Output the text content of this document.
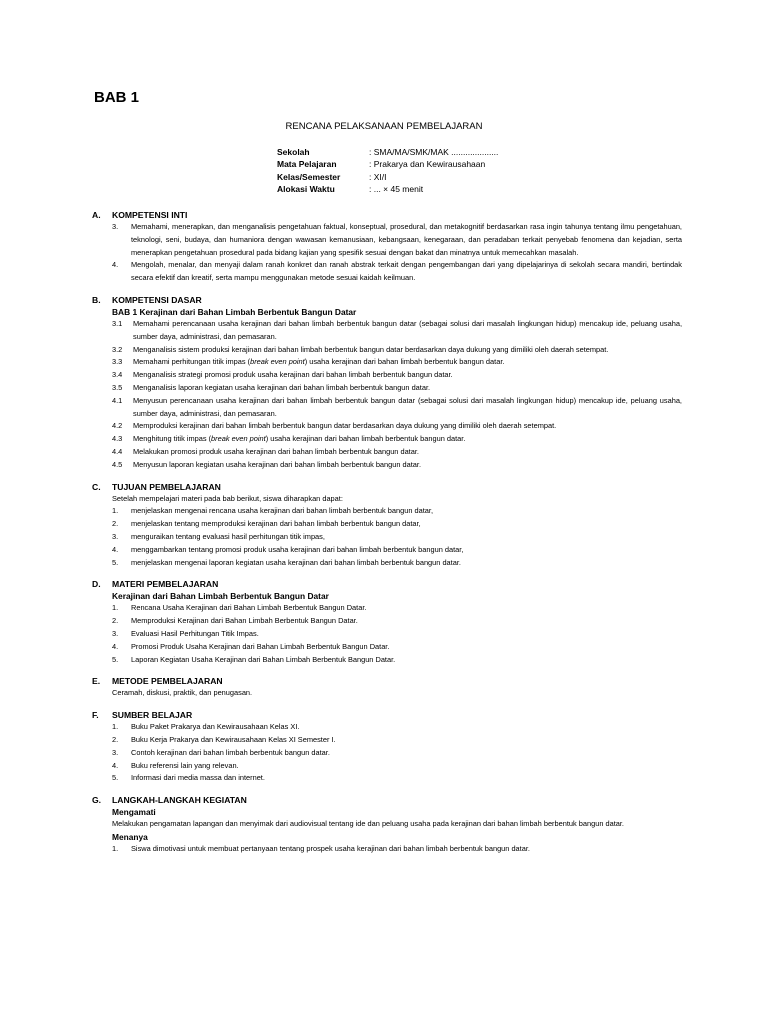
BAB 1
RENCANA PELAKSANAAN PEMBELAJARAN
Sekolah	: SMA/MA/SMK/MAK ....................
Mata Pelajaran	: Prakarya dan Kewirausahaan
Kelas/Semester	: XI/I
Alokasi Waktu	: ... × 45 menit
A.	KOMPETENSI INTI
3.	Memahami, menerapkan, dan menganalisis pengetahuan faktual, konseptual, prosedural, dan metakognitif berdasarkan rasa ingin tahunya tentang ilmu pengetahuan, teknologi, seni, budaya, dan humaniora dengan wawasan kemanusiaan, kebangsaan, kenegaraan, dan peradaban terkait penyebab fenomena dan kejadian, serta menerapkan pengetahuan prosedural pada bidang kajian yang spesifik sesuai dengan bakat dan minatnya untuk memecahkan masalah.
4.	Mengolah, menalar, dan menyaji dalam ranah konkret dan ranah abstrak terkait dengan pengembangan dari yang dipelajarinya di sekolah secara mandiri, bertindak secara efektif dan kreatif, serta mampu menggunakan metode sesuai kaidah keilmuan.
B.	KOMPETENSI DASAR
BAB 1 Kerajinan dari Bahan Limbah Berbentuk Bangun Datar
3.1	Memahami perencanaan usaha kerajinan dari bahan limbah berbentuk bangun datar (sebagai solusi dari masalah lingkungan hidup) mencakup ide, peluang usaha, sumber daya, administrasi, dan pemasaran.
3.2	Menganalisis sistem produksi kerajinan dari bahan limbah berbentuk bangun datar berdasarkan daya dukung yang dimiliki oleh daerah setempat.
3.3	Memahami perhitungan titik impas (break even point) usaha kerajinan dari bahan limbah berbentuk bangun datar.
3.4	Menganalisis strategi promosi produk usaha kerajinan dari bahan limbah berbentuk bangun datar.
3.5	Menganalisis laporan kegiatan usaha kerajinan dari bahan limbah berbentuk bangun datar.
4.1	Menyusun perencanaan usaha kerajinan dari bahan limbah berbentuk bangun datar (sebagai solusi dari masalah lingkungan hidup) mencakup ide, peluang usaha, sumber daya, administrasi, dan pemasaran.
4.2	Memproduksi kerajinan dari bahan limbah berbentuk bangun datar berdasarkan daya dukung yang dimiliki oleh daerah setempat.
4.3	Menghitung titik impas (break even point) usaha kerajinan dari bahan limbah berbentuk bangun datar.
4.4	Melakukan promosi produk usaha kerajinan dari bahan limbah berbentuk bangun datar.
4.5	Menyusun laporan kegiatan usaha kerajinan dari bahan limbah berbentuk bangun datar.
C.	TUJUAN PEMBELAJARAN
Setelah mempelajari materi pada bab berikut, siswa diharapkan dapat:
1.	menjelaskan mengenai rencana usaha kerajinan dari bahan limbah berbentuk bangun datar,
2.	menjelaskan tentang memproduksi kerajinan dari bahan limbah berbentuk bangun datar,
3.	menguraikan tentang evaluasi hasil perhitungan titik impas,
4.	menggambarkan tentang promosi produk usaha kerajinan dari bahan limbah berbentuk bangun datar,
5.	menjelaskan mengenai laporan kegiatan usaha kerajinan dari bahan limbah berbentuk bangun datar.
D.	MATERI PEMBELAJARAN
Kerajinan dari Bahan Limbah Berbentuk Bangun Datar
1.	Rencana Usaha Kerajinan dari Bahan Limbah Berbentuk Bangun Datar.
2.	Memproduksi Kerajinan dari Bahan Limbah Berbentuk Bangun Datar.
3.	Evaluasi Hasil Perhitungan Titik Impas.
4.	Promosi Produk Usaha Kerajinan dari Bahan Limbah Berbentuk Bangun Datar.
5.	Laporan Kegiatan Usaha Kerajinan dari Bahan Limbah Berbentuk Bangun Datar.
E.	METODE PEMBELAJARAN
Ceramah, diskusi, praktik, dan penugasan.
F.	SUMBER BELAJAR
1.	Buku Paket Prakarya dan Kewirausahaan Kelas XI.
2.	Buku Kerja Prakarya dan Kewirausahaan Kelas XI Semester I.
3.	Contoh kerajinan dari bahan limbah berbentuk bangun datar.
4.	Buku referensi lain yang relevan.
5.	Informasi dari media massa dan internet.
G.	LANGKAH-LANGKAH KEGIATAN
Mengamati
Melakukan pengamatan lapangan dan menyimak dari audiovisual tentang ide dan peluang usaha pada kerajinan dari bahan limbah berbentuk bangun datar.
Menanya
1.	Siswa dimotivasi untuk membuat pertanyaan tentang prospek usaha kerajinan dari bahan limbah berbentuk bangun datar.
